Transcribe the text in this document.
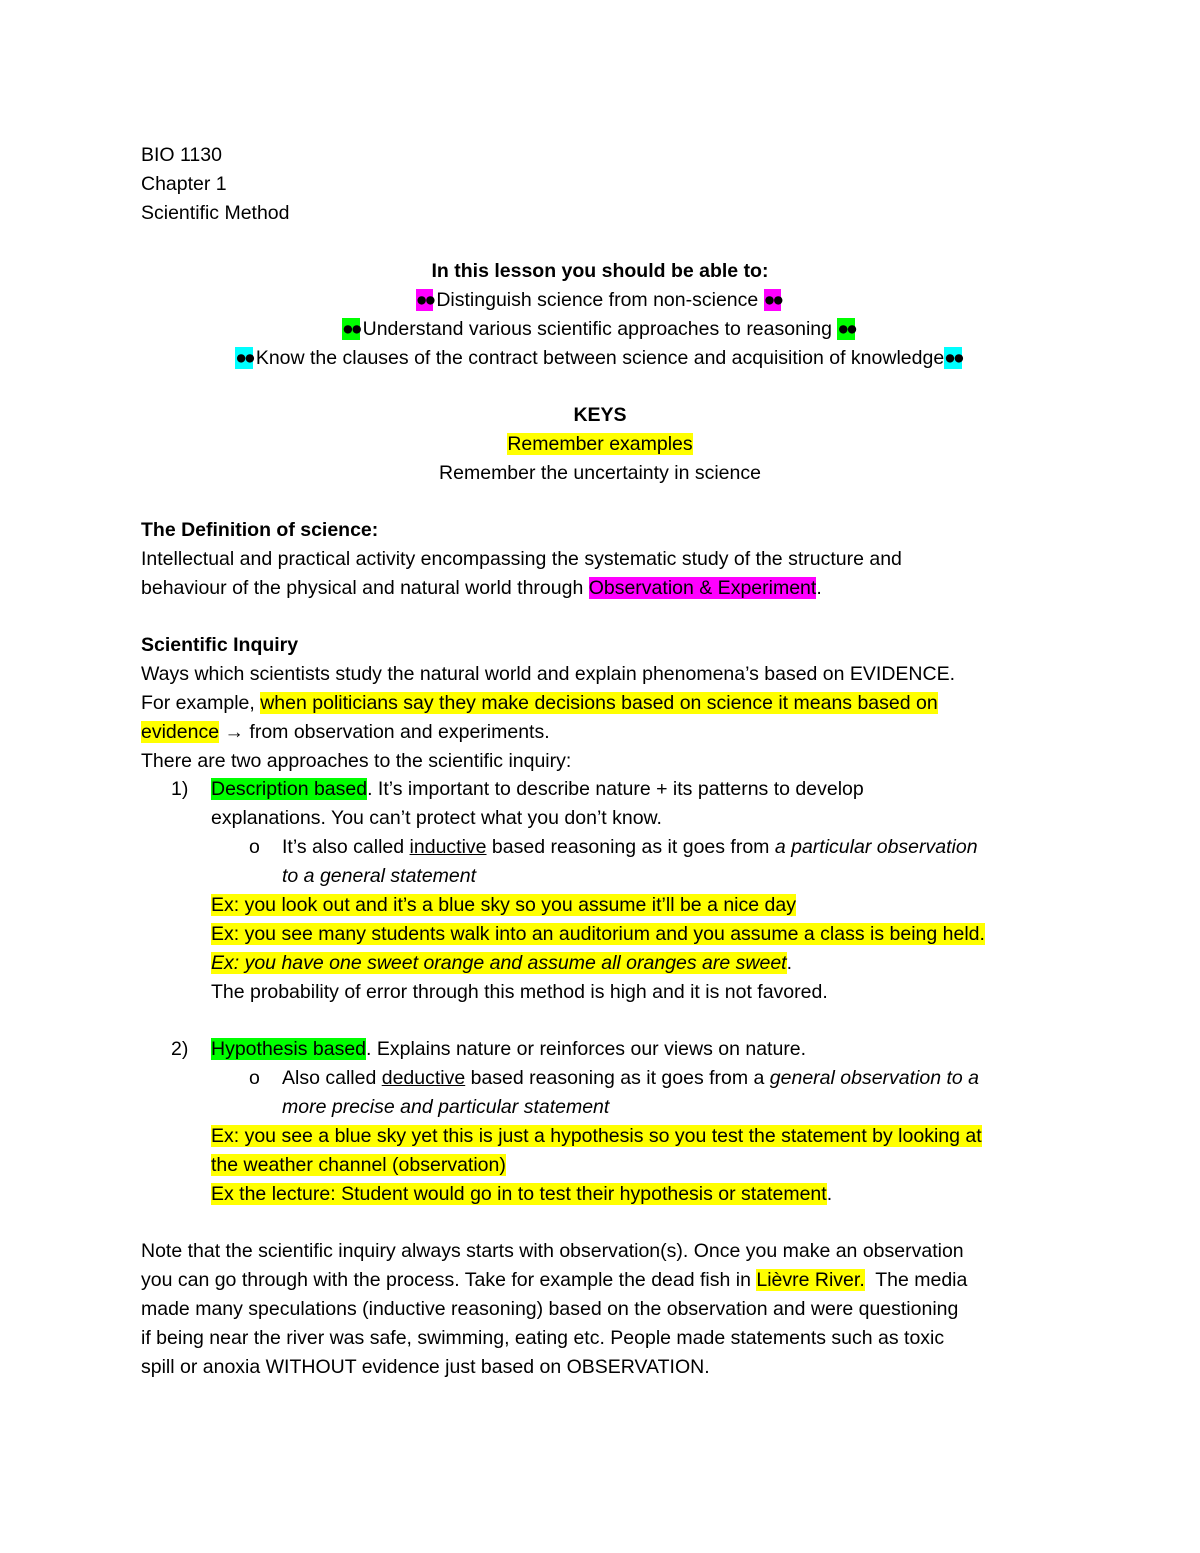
BIO 1130
Chapter 1
Scientific Method
In this lesson you should be able to:
●● Distinguish science from non-science ●●
●● Understand various scientific approaches to reasoning ●●
●● Know the clauses of the contract between science and acquisition of knowledge●●
KEYS
Remember examples
Remember the uncertainty in science
The Definition of science:
Intellectual and practical activity encompassing the systematic study of the structure and
behaviour of the physical and natural world through Observation & Experiment.
Scientific Inquiry
Ways which scientists study the natural world and explain phenomena’s based on EVIDENCE.
For example, when politicians say they make decisions based on science it means based on
evidence → from observation and experiments.
There are two approaches to the scientific inquiry:
1) Description based. It’s important to describe nature + its patterns to develop
explanations. You can’t protect what you don’t know.
o It’s also called inductive based reasoning as it goes from a particular observation
to a general statement
Ex: you look out and it’s a blue sky so you assume it’ll be a nice day
Ex: you see many students walk into an auditorium and you assume a class is being held.
Ex: you have one sweet orange and assume all oranges are sweet.
The probability of error through this method is high and it is not favored.
2) Hypothesis based. Explains nature or reinforces our views on nature.
o Also called deductive based reasoning as it goes from a general observation to a
more precise and particular statement
Ex: you see a blue sky yet this is just a hypothesis so you test the statement by looking at
the weather channel (observation)
Ex the lecture: Student would go in to test their hypothesis or statement.
Note that the scientific inquiry always starts with observation(s). Once you make an observation
you can go through with the process. Take for example the dead fish in Lièvre River.  The media
made many speculations (inductive reasoning) based on the observation and were questioning
if being near the river was safe, swimming, eating etc. People made statements such as toxic
spill or anoxia WITHOUT evidence just based on OBSERVATION.
